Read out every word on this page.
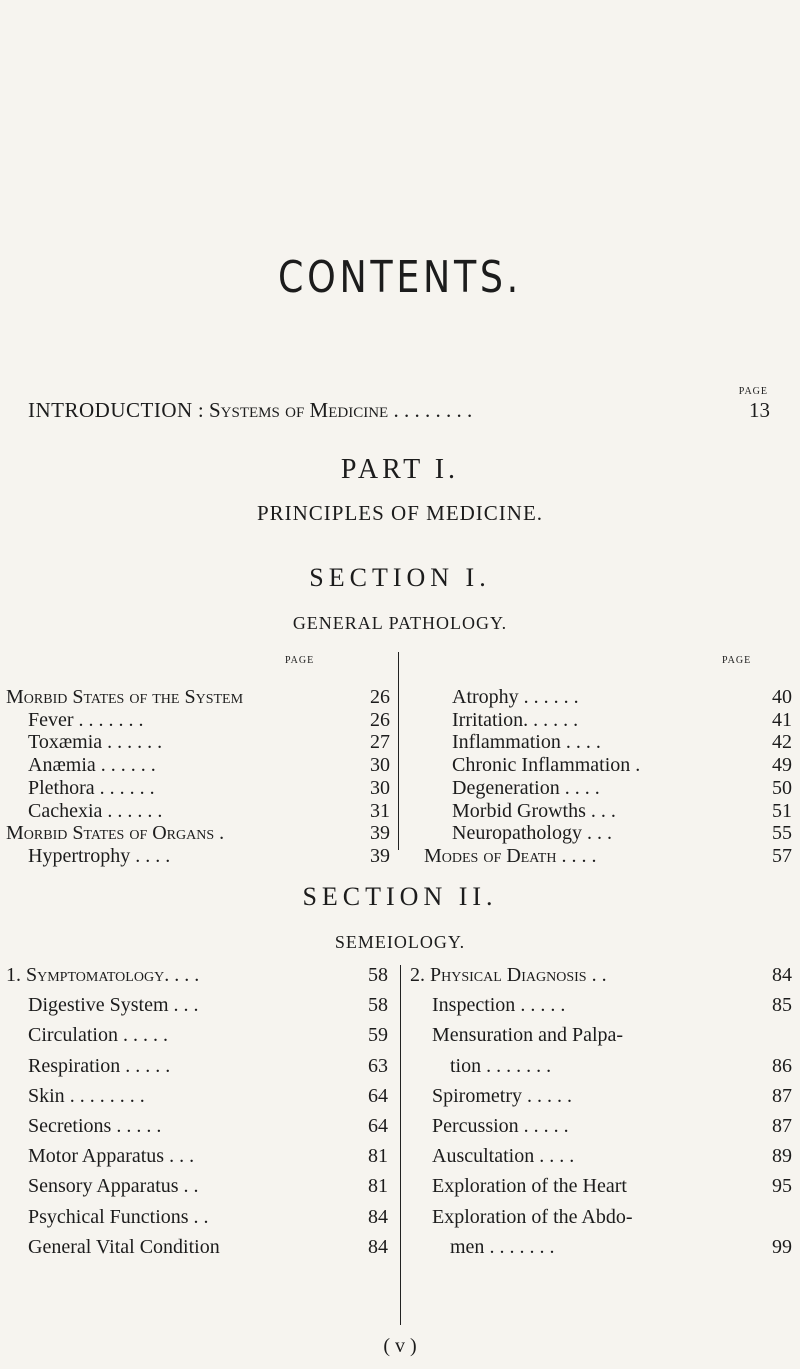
CONTENTS.
PAGE
INTRODUCTION : Systems of Medicine . . . . . . . .	13
PART I.
PRINCIPLES OF MEDICINE.
SECTION I.
GENERAL PATHOLOGY.
PAGE	PAGE
Morbid States of the System	26
Fever . . . . . . .	26
Toxæmia . . . . . .	27
Anæmia . . . . . .	30
Plethora . . . . . .	30
Cachexia . . . . . .	31
Morbid States of Organs .	39
Hypertrophy . . . .	39
Atrophy . . . . . .	40
Irritation. . . . . .	41
Inflammation . . . .	42
Chronic Inflammation .	49
Degeneration . . . .	50
Morbid Growths . . .	51
Neuropathology . . .	55
Modes of Death . . . .	57
SECTION II.
SEMEIOLOGY.
1. Symptomatology. . . .	58
Digestive System . . .	58
Circulation . . . . .	59
Respiration . . . . .	63
Skin . . . . . . . .	64
Secretions . . . . .	64
Motor Apparatus . . .	81
Sensory Apparatus . .	81
Psychical Functions . .	84
General Vital Condition	84
2. Physical Diagnosis . .	84
Inspection . . . . .	85
Mensuration and Palpa-
tion . . . . . . .	86
Spirometry . . . . .	87
Percussion . . . . .	87
Auscultation . . . .	89
Exploration of the Heart	95
Exploration of the Abdo-
men . . . . . . .	99
( v )
